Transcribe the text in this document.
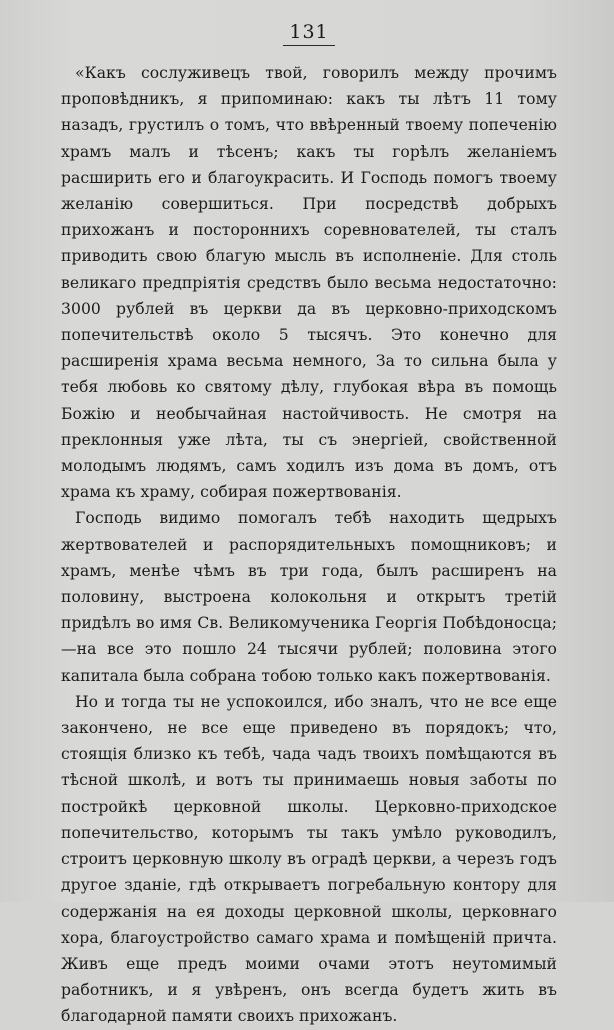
131

«Какъ сослуживецъ твой, говорилъ между прочимъ проповѣдникъ, я припоминаю: какъ ты лѣтъ 11 тому назадъ, грустилъ о томъ, что ввѣренный твоему попеченію храмъ малъ и тѣсенъ; какъ ты горѣлъ желаніемъ расширить его и благоукрасить. И Господь помогъ твоему желанію совершиться. При посредствѣ добрыхъ прихожанъ и постороннихъ соревнователей, ты сталъ приводить свою благую мысль въ исполненіе. Для столь великаго предпріятія средствъ было весьма недостаточно: 3000 рублей въ церкви да въ церковно-приходскомъ попечительствѣ около 5 тысячъ. Это конечно для расширенія храма весьма немного, За то сильна была у тебя любовь ко святому дѣлу, глубокая вѣра въ помощь Божію и необычайная настойчивость. Не смотря на преклонныя уже лѣта, ты съ энергіей, свойственной молодымъ людямъ, самъ ходилъ изъ дома въ домъ, отъ храма къ храму, собирая пожертвованія.

Господь видимо помогалъ тебѣ находить щедрыхъ жертвователей и распорядительныхъ помощниковъ; и храмъ, менѣе чѣмъ въ три года, былъ расширенъ на половину, выстроена колокольня и открытъ третій придѣлъ во имя Св. Великомученика Георгія Побѣдоносца;—на все это пошло 24 тысячи рублей; половина этого капитала была собрана тобою только какъ пожертвованія.

Но и тогда ты не успокоился, ибо зналъ, что не все еще закончено, не все еще приведено въ порядокъ; что, стоящія близко къ тебѣ, чада чадъ твоихъ помѣщаются въ тѣсной школѣ, и вотъ ты принимаешь новыя заботы по постройкѣ церковной школы. Церковно-приходское попечительство, которымъ ты такъ умѣло руководилъ, строитъ церковную школу въ оградѣ церкви, а черезъ годъ другое зданіе, гдѣ открываетъ погребальную контору для содержанія на ея доходы церковной школы, церковнаго хора, благоустройство самаго храма и помѣщеній причта. Живъ еще предъ моими очами этотъ неутомимый работникъ, и я увѣренъ, онъ всегда будетъ жить въ благодарной памяти своихъ прихожанъ.
